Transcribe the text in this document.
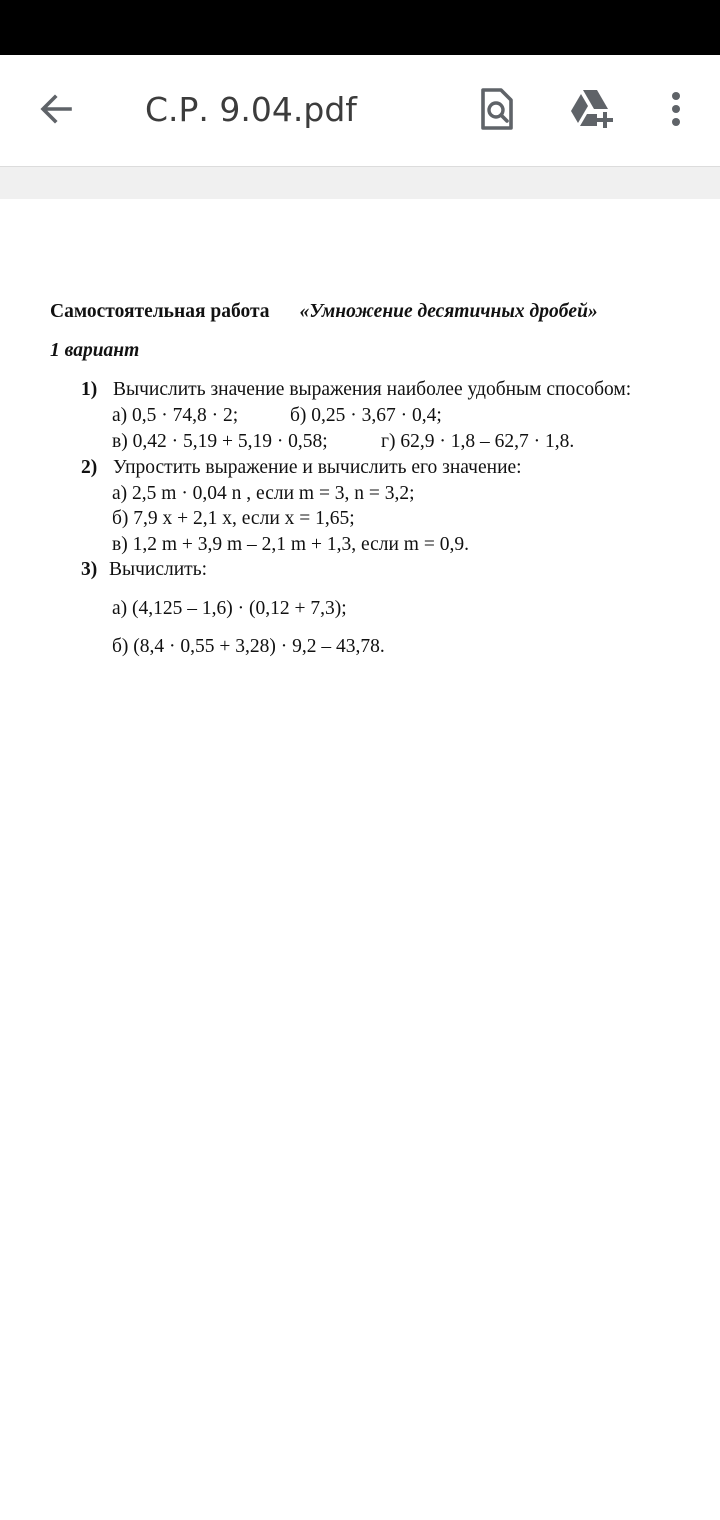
С.Р. 9.04.pdf
Самостоятельная работа «Умножение десятичных дробей»
1 вариант
1) Вычислить значение выражения наиболее удобным способом:
а) 0,5 · 74,8 · 2;	б) 0,25 · 3,67 · 0,4;
в) 0,42 · 5,19 + 5,19 · 0,58;	г) 62,9 · 1,8 – 62,7 · 1,8.
2) Упростить выражение и вычислить его значение:
а) 2,5 m · 0,04 n , если m = 3, n = 3,2;
б) 7,9 x + 2,1 x, если x = 1,65;
в) 1,2 m + 3,9 m – 2,1 m + 1,3, если m = 0,9.
3) Вычислить:
а) (4,125 – 1,6) · (0,12 + 7,3);
б) (8,4 · 0,55 + 3,28) · 9,2 – 43,78.
